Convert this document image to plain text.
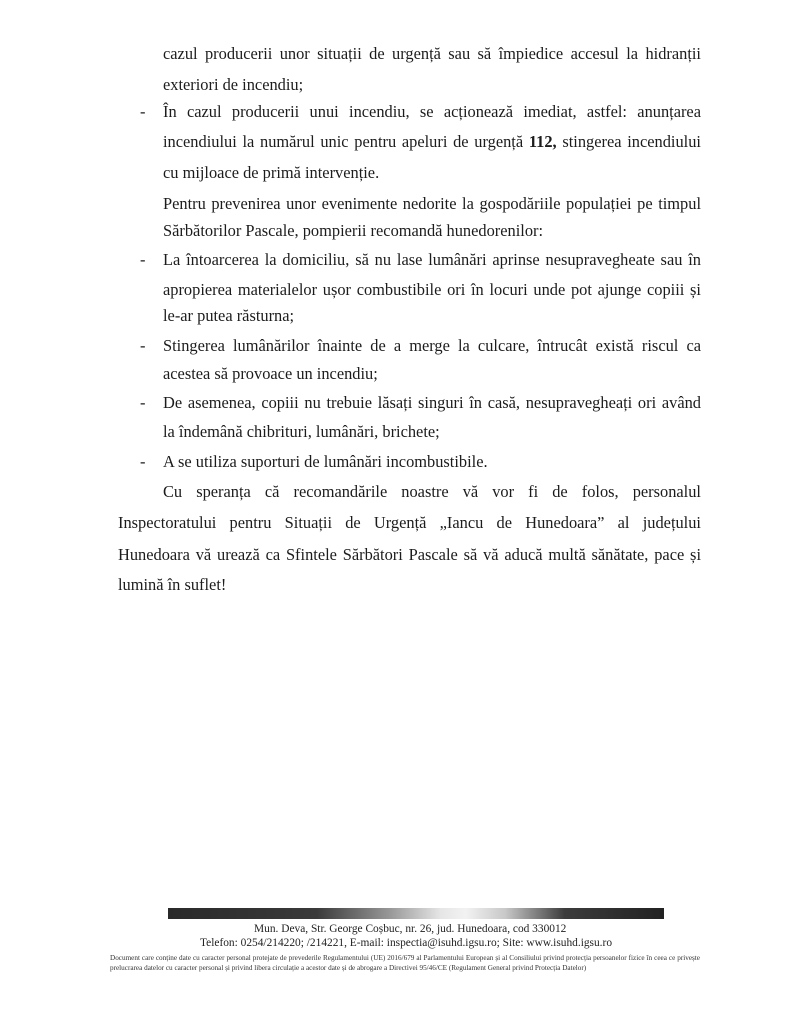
cazul producerii unor situații de urgență sau să împiedice accesul la hidranții
exteriori de incendiu;
-	În cazul producerii unui incendiu, se acționează imediat, astfel: anunțarea
incendiului la numărul unic pentru apeluri de urgență 112, stingerea incendiului
cu mijloace de primă intervenție.
Pentru prevenirea unor evenimente nedorite la gospodăriile populației pe timpul
Sărbătorilor Pascale, pompierii recomandă hunedorenilor:
-	La întoarcerea la domiciliu, să nu lase lumânări aprinse nesupravegheate sau în
apropierea materialelor ușor combustibile ori în locuri unde pot ajunge copiii și
le-ar putea răsturna;
-	Stingerea lumânărilor înainte de a merge la culcare, întrucât există riscul ca
acestea să provoace un incendiu;
-	De asemenea, copiii nu trebuie lăsați singuri în casă, nesupravegheați ori având
la îndemână chibrituri, lumânări, brichete;
-	A se utiliza suporturi de lumânări incombustibile.
Cu speranța că recomandările noastre vă vor fi de folos, personalul
Inspectoratului pentru Situații de Urgență „Iancu de Hunedoara” al județului
Hunedoara vă urează ca Sfintele Sărbători Pascale să vă aducă multă sănătate, pace și
lumină în suflet!
Mun. Deva, Str. George Coșbuc, nr. 26, jud. Hunedoara, cod 330012
Telefon: 0254/214220; /214221, E-mail: inspectia@isuhd.igsu.ro; Site: www.isuhd.igsu.ro
Document care conține date cu caracter personal protejate de prevederile Regulamentului (UE) 2016/679 al Parlamentului European și al Consiliului privind protecția persoanelor fizice în ceea ce privește prelucrarea datelor cu caracter personal și privind libera circulație a acestor date și de abrogare a Directivei 95/46/CE (Regulament General privind Protecția Datelor)
